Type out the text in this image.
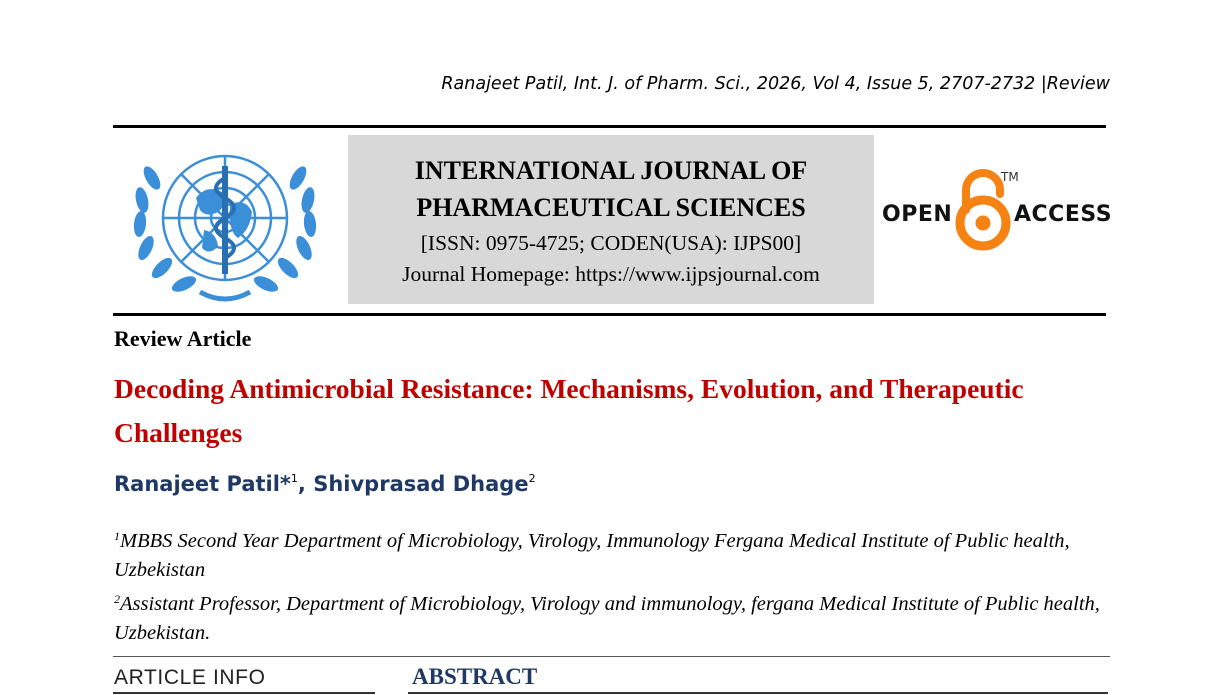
Ranajeet Patil, Int. J. of Pharm. Sci., 2026, Vol 4, Issue 5, 2707-2732 |Review
INTERNATIONAL JOURNAL OF
PHARMACEUTICAL SCIENCES
[ISSN: 0975-4725; CODEN(USA): IJPS00]
Journal Homepage: https://www.ijpsjournal.com
OPEN
TM
ACCESS
Review Article
Decoding Antimicrobial Resistance: Mechanisms, Evolution, and Therapeutic Challenges
Ranajeet Patil*$^1$, Shivprasad Dhage$^2$
$^1$MBBS Second Year Department of Microbiology, Virology, Immunology Fergana Medical Institute of Public health, Uzbekistan
$^2$Assistant Professor, Department of Microbiology, Virology and immunology, fergana Medical Institute of Public health, Uzbekistan.
ARTICLE INFO	ABSTRACT
